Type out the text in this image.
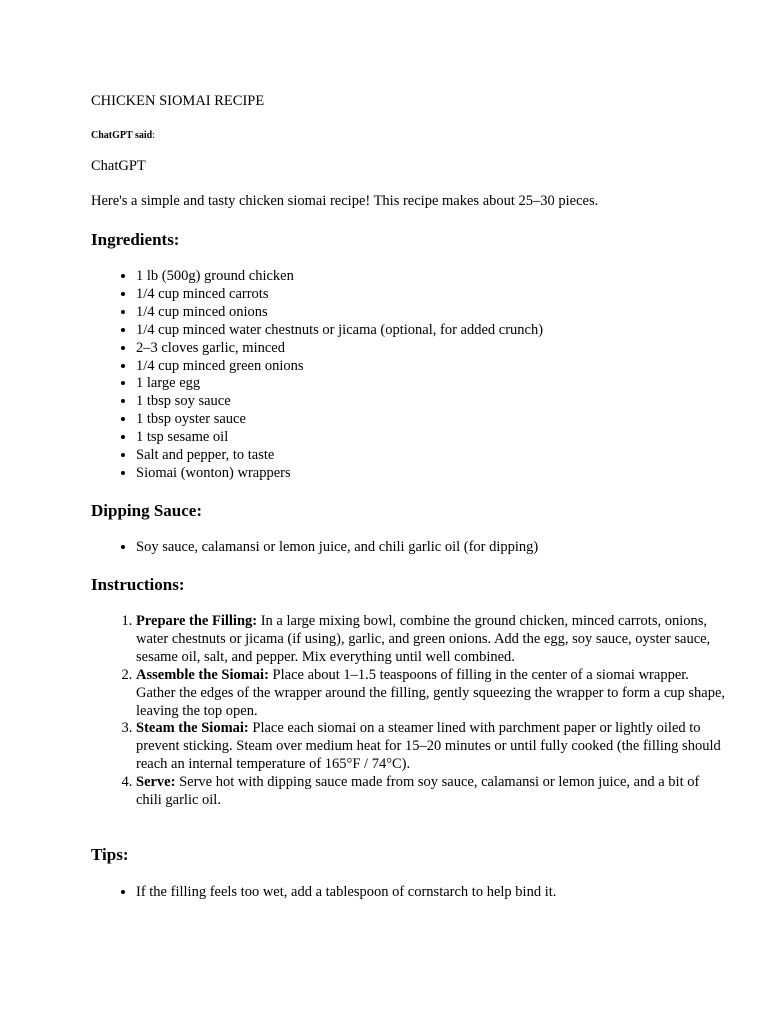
CHICKEN SIOMAI RECIPE

ChatGPT said:
ChatGPT
Here's a simple and tasty chicken siomai recipe! This recipe makes about 25–30 pieces.
Ingredients:
• 1 lb (500g) ground chicken
• 1/4 cup minced carrots
• 1/4 cup minced onions
• 1/4 cup minced water chestnuts or jicama (optional, for added crunch)
• 2–3 cloves garlic, minced
• 1/4 cup minced green onions
• 1 large egg
• 1 tbsp soy sauce
• 1 tbsp oyster sauce
• 1 tsp sesame oil
• Salt and pepper, to taste
• Siomai (wonton) wrappers
Dipping Sauce:
• Soy sauce, calamansi or lemon juice, and chili garlic oil (for dipping)
Instructions:
1. Prepare the Filling: In a large mixing bowl, combine the ground chicken, minced carrots, onions, water chestnuts or jicama (if using), garlic, and green onions. Add the egg, soy sauce, oyster sauce, sesame oil, salt, and pepper. Mix everything until well combined.
2. Assemble the Siomai: Place about 1–1.5 teaspoons of filling in the center of a siomai wrapper. Gather the edges of the wrapper around the filling, gently squeezing the wrapper to form a cup shape, leaving the top open.
3. Steam the Siomai: Place each siomai on a steamer lined with parchment paper or lightly oiled to prevent sticking. Steam over medium heat for 15–20 minutes or until fully cooked (the filling should reach an internal temperature of 165°F / 74°C).
4. Serve: Serve hot with dipping sauce made from soy sauce, calamansi or lemon juice, and a bit of chili garlic oil.
Tips:
• If the filling feels too wet, add a tablespoon of cornstarch to help bind it.
